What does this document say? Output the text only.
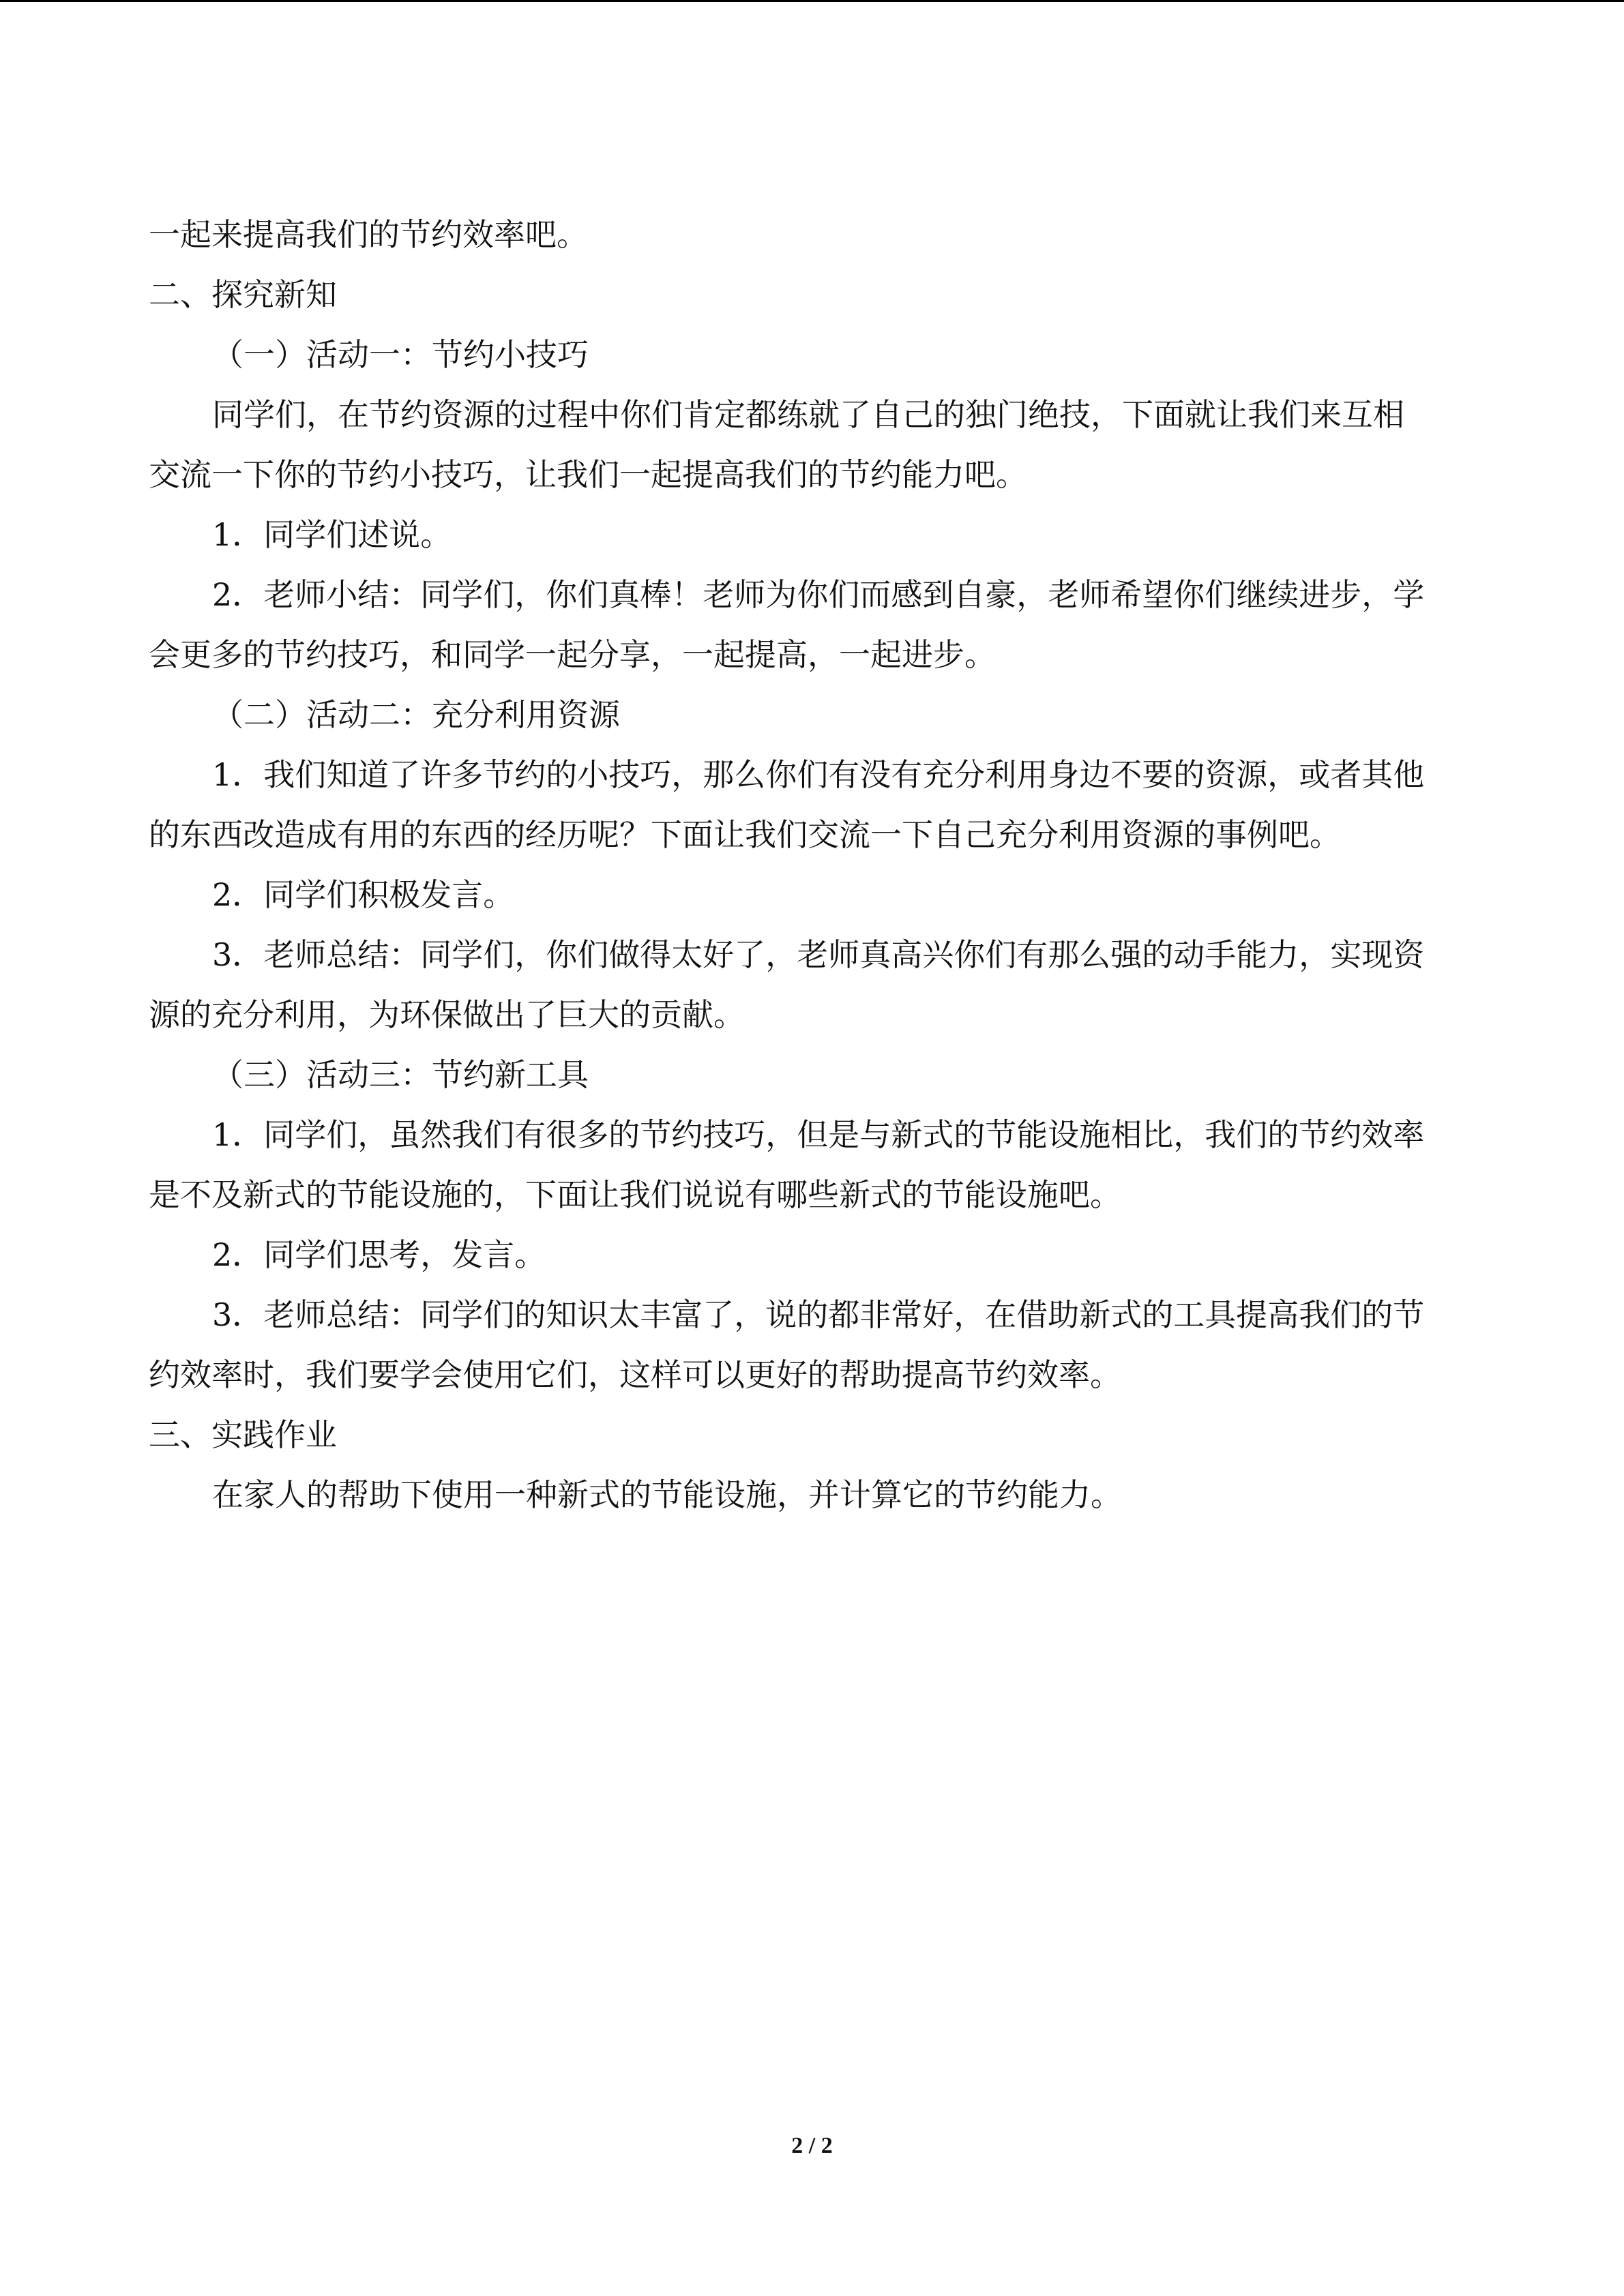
一起来提高我们的节约效率吧。

二、探究新知

（一）活动一：节约小技巧

同学们，在节约资源的过程中你们肯定都练就了自己的独门绝技，下面就让我们来互相

交流一下你的节约小技巧，让我们一起提高我们的节约能力吧。

1．同学们述说。

2．老师小结：同学们，你们真棒！老师为你们而感到自豪，老师希望你们继续进步，学

会更多的节约技巧，和同学一起分享，一起提高，一起进步。

（二）活动二：充分利用资源

1．我们知道了许多节约的小技巧，那么你们有没有充分利用身边不要的资源，或者其他

的东西改造成有用的东西的经历呢？下面让我们交流一下自己充分利用资源的事例吧。

2．同学们积极发言。

3．老师总结：同学们，你们做得太好了，老师真高兴你们有那么强的动手能力，实现资

源的充分利用，为环保做出了巨大的贡献。

（三）活动三：节约新工具

1．同学们，虽然我们有很多的节约技巧，但是与新式的节能设施相比，我们的节约效率

是不及新式的节能设施的，下面让我们说说有哪些新式的节能设施吧。

2．同学们思考，发言。

3．老师总结：同学们的知识太丰富了，说的都非常好，在借助新式的工具提高我们的节

约效率时，我们要学会使用它们，这样可以更好的帮助提高节约效率。

三、实践作业

在家人的帮助下使用一种新式的节能设施，并计算它的节约能力。

2 / 2
